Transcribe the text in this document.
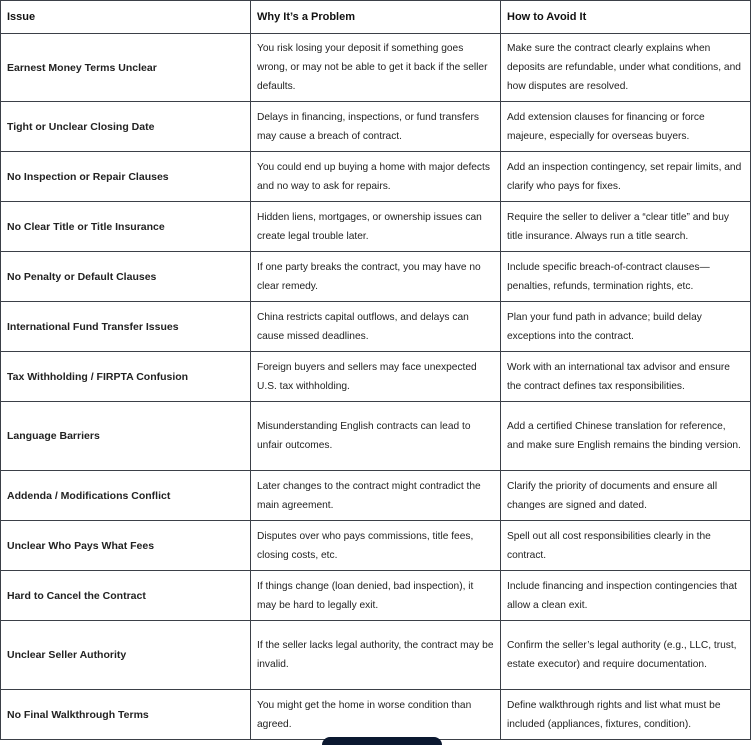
Issue	Why It’s a Problem	How to Avoid It
Earnest Money Terms Unclear	You risk losing your deposit if something goes wrong, or may not be able to get it back if the seller defaults.	Make sure the contract clearly explains when deposits are refundable, under what conditions, and how disputes are resolved.
Tight or Unclear Closing Date	Delays in financing, inspections, or fund transfers may cause a breach of contract.	Add extension clauses for financing or force majeure, especially for overseas buyers.
No Inspection or Repair Clauses	You could end up buying a home with major defects and no way to ask for repairs.	Add an inspection contingency, set repair limits, and clarify who pays for fixes.
No Clear Title or Title Insurance	Hidden liens, mortgages, or ownership issues can create legal trouble later.	Require the seller to deliver a “clear title” and buy title insurance. Always run a title search.
No Penalty or Default Clauses	If one party breaks the contract, you may have no clear remedy.	Include specific breach-of-contract clauses—penalties, refunds, termination rights, etc.
International Fund Transfer Issues	China restricts capital outflows, and delays can cause missed deadlines.	Plan your fund path in advance; build delay exceptions into the contract.
Tax Withholding / FIRPTA Confusion	Foreign buyers and sellers may face unexpected U.S. tax withholding.	Work with an international tax advisor and ensure the contract defines tax responsibilities.
Language Barriers	Misunderstanding English contracts can lead to unfair outcomes.	Add a certified Chinese translation for reference, and make sure English remains the binding version.
Addenda / Modifications Conflict	Later changes to the contract might contradict the main agreement.	Clarify the priority of documents and ensure all changes are signed and dated.
Unclear Who Pays What Fees	Disputes over who pays commissions, title fees, closing costs, etc.	Spell out all cost responsibilities clearly in the contract.
Hard to Cancel the Contract	If things change (loan denied, bad inspection), it may be hard to legally exit.	Include financing and inspection contingencies that allow a clean exit.
Unclear Seller Authority	If the seller lacks legal authority, the contract may be invalid.	Confirm the seller’s legal authority (e.g., LLC, trust, estate executor) and require documentation.
No Final Walkthrough Terms	You might get the home in worse condition than agreed.	Define walkthrough rights and list what must be included (appliances, fixtures, condition).
